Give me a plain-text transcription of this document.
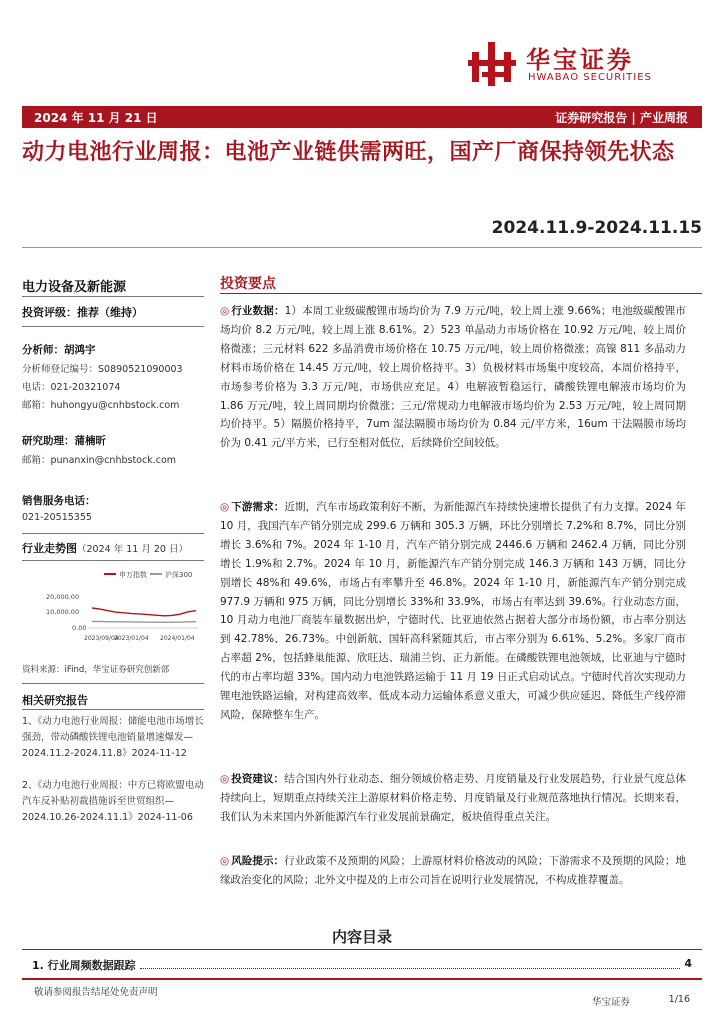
华宝证券
HWABAO SECURITIES
2024 年 11 月 21 日	证券研究报告 | 产业周报
动力电池行业周报：电池产业链供需两旺，国产厂商保持领先状态
2024.11.9-2024.11.15
电力设备及新能源
投资评级：推荐（维持）
分析师：胡鸿宇
分析师登记编号：S0890521090003
电话：021-20321074
邮箱：huhongyu@cnhbstock.com
研究助理：蒲楠昕
邮箱：punanxin@cnhbstock.com
销售服务电话：
021-20515355
行业走势图（2024 年 11 月 20 日）
申万指数	沪深300
20,000.00
10,000.00
0.00
2023/09/04
2023/01/04 2024/01/04
资料来源：iFind，华宝证券研究创新部
相关研究报告
1、《动力电池行业周报：储能电池市场增长强劲，带动磷酸铁锂电池销量增速爆发—2024.11.2-2024.11.8》2024-11-12
2、《动力电池行业周报：中方已将欧盟电动汽车反补贴初裁措施诉至世贸组织—2024.10.26-2024.11.1》2024-11-06
投资要点

◎ 行业数据：1）本周工业级碳酸锂市场均价为 7.9 万元/吨，较上周上涨 9.66%；电池级碳酸锂市场均价 8.2 万元/吨，较上周上涨 8.61%。2）523 单晶动力市场价格在 10.92 万元/吨，较上周价格微涨；三元材料 622 多晶消费市场价格在 10.75 万元/吨，较上周价格微涨；高镍 811 多晶动力材料市场价格在 14.45 万元/吨，较上周价格持平。3）负极材料市场集中度较高，本周价格持平，市场参考价格为 3.3 万元/吨，市场供应充足。4）电解液暂稳运行，磷酸铁锂电解液市场均价为 1.86 万元/吨，较上周同期均价微涨；三元/常规动力电解液市场均价为 2.53 万元/吨，较上周同期均价持平。5）隔膜价格持平，7um 湿法隔膜市场均价为 0.84 元/平方米，16um 干法隔膜市场均价为 0.41 元/平方米，已行至相对低位，后续降价空间较低。

◎ 下游需求：近期，汽车市场政策利好不断，为新能源汽车持续快速增长提供了有力支撑。2024 年 10 月，我国汽车产销分别完成 299.6 万辆和 305.3 万辆，环比分别增长 7.2%和 8.7%，同比分别增长 3.6%和 7%。2024 年 1-10 月，汽车产销分别完成 2446.6 万辆和 2462.4 万辆，同比分别增长 1.9%和 2.7%。2024 年 10 月，新能源汽车产销分别完成 146.3 万辆和 143 万辆，同比分别增长 48%和 49.6%，市场占有率攀升至 46.8%。2024 年 1-10 月，新能源汽车产销分别完成 977.9 万辆和 975 万辆，同比分别增长 33%和 33.9%，市场占有率达到 39.6%。行业动态方面，10 月动力电池厂商装车量数据出炉，宁德时代、比亚迪依然占据着大部分市场份额，市占率分别达到 42.78%、26.73%。中创新航、国轩高科紧随其后，市占率分别为 6.61%、5.2%。多家厂商市占率超 2%，包括蜂巢能源、欣旺达、瑞浦兰钧、正力新能。在磷酸铁锂电池领域，比亚迪与宁德时代的市占率均超 33%。国内动力电池铁路运输于 11 月 19 日正式启动试点。宁德时代首次实现动力锂电池铁路运输，对构建高效率、低成本动力运输体系意义重大，可减少供应延迟、降低生产线停滞风险，保障整车生产。

◎ 投资建议：结合国内外行业动态、细分领域价格走势、月度销量及行业发展趋势，行业景气度总体持续向上，短期重点持续关注上游原材料价格走势、月度销量及行业规范落地执行情况。长期来看，我们认为未来国内外新能源汽车行业发展前景确定，板块值得重点关注。

◎ 风险提示：行业政策不及预期的风险；上游原材料价格波动的风险；下游需求不及预期的风险；地缘政治变化的风险；北外文中提及的上市公司旨在说明行业发展情况，不构成推荐覆盖。

内容目录
1. 行业周频数据跟踪	4
敬请参阅报告结尾处免责声明
华宝证券	1/16
